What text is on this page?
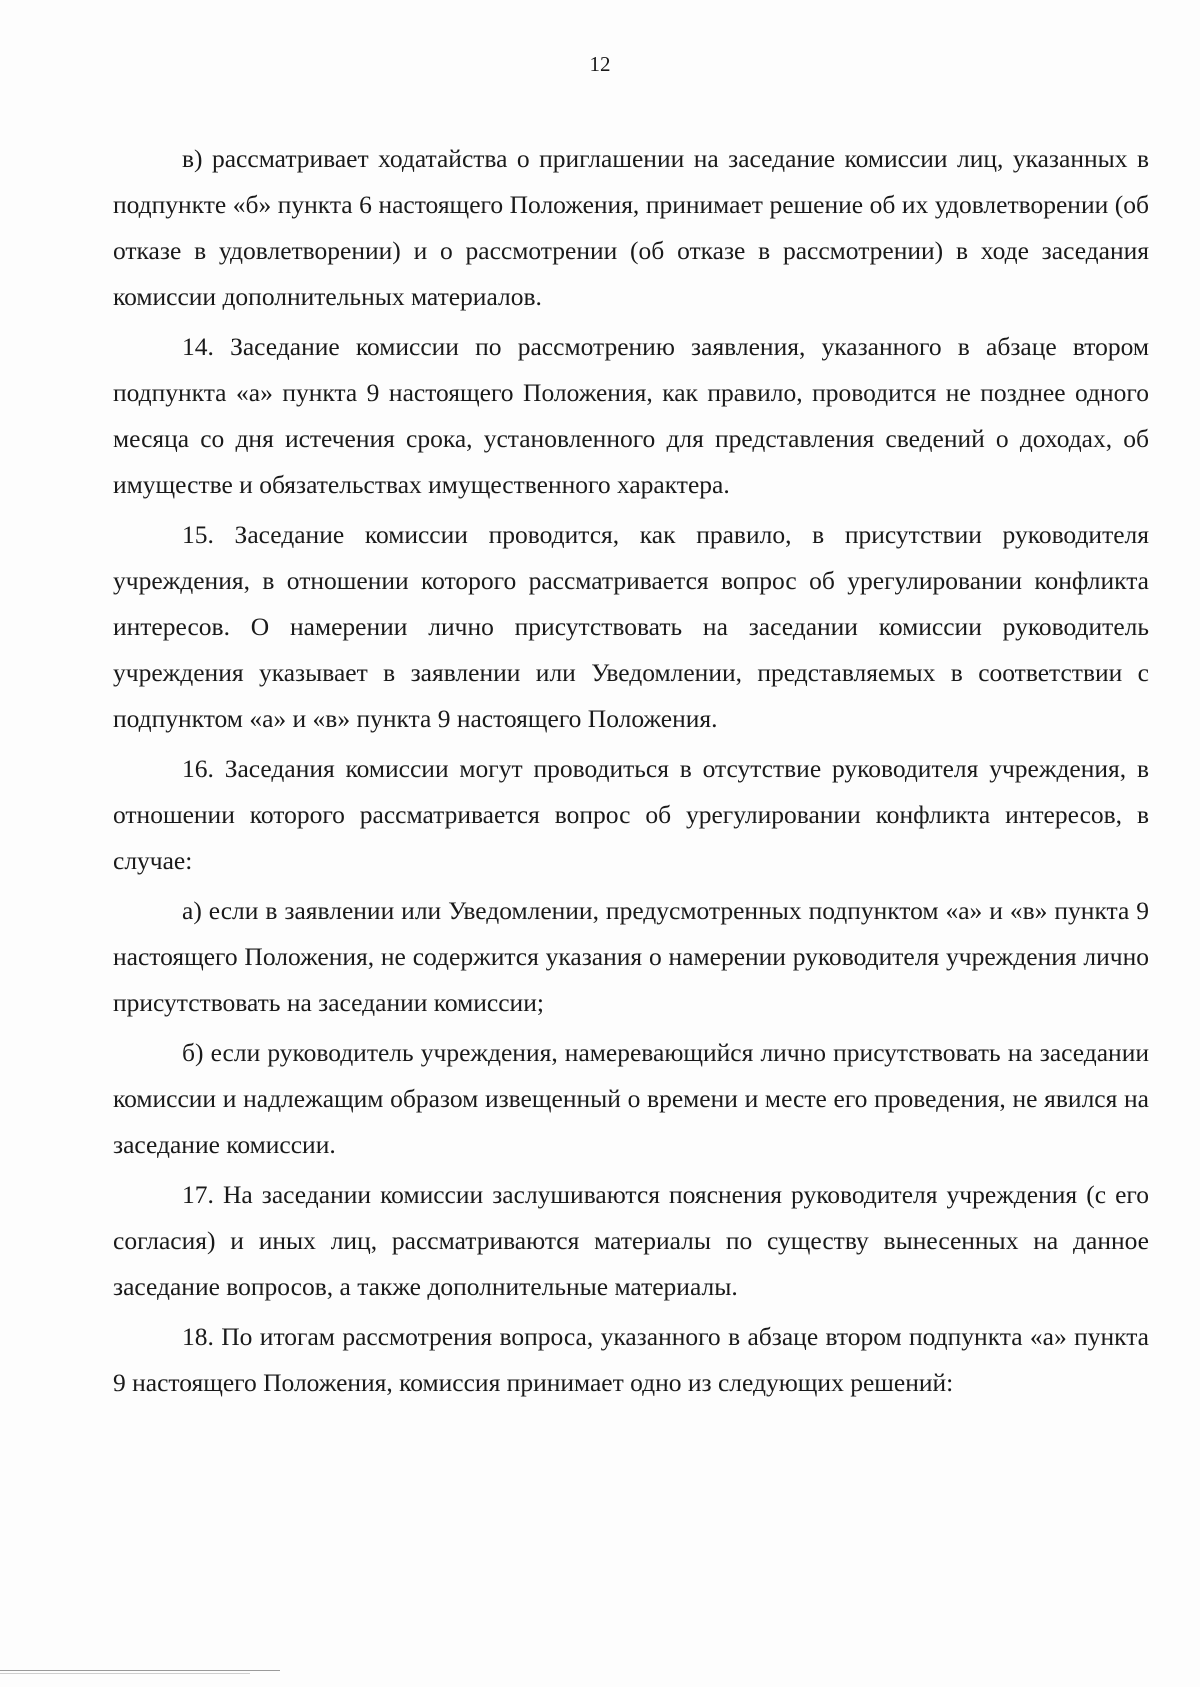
12

в) рассматривает ходатайства о приглашении на заседание комиссии лиц, указанных в подпункте «б» пункта 6 настоящего Положения, принимает решение об их удовлетворении (об отказе в удовлетворении) и о рассмотрении (об отказе в рассмотрении) в ходе заседания комиссии дополнительных материалов.

14. Заседание комиссии по рассмотрению заявления, указанного в абзаце втором подпункта «а» пункта 9 настоящего Положения, как правило, проводится не позднее одного месяца со дня истечения срока, установленного для представления сведений о доходах, об имуществе и обязательствах имущественного характера.

15. Заседание комиссии проводится, как правило, в присутствии руководителя учреждения, в отношении которого рассматривается вопрос об урегулировании конфликта интересов. О намерении лично присутствовать на заседании комиссии руководитель учреждения указывает в заявлении или Уведомлении, представляемых в соответствии с подпунктом «а» и «в» пункта 9 настоящего Положения.

16. Заседания комиссии могут проводиться в отсутствие руководителя учреждения, в отношении которого рассматривается вопрос об урегулировании конфликта интересов, в случае:

а) если в заявлении или Уведомлении, предусмотренных подпунктом «а» и «в» пункта 9 настоящего Положения, не содержится указания о намерении руководителя учреждения лично присутствовать на заседании комиссии;

б) если руководитель учреждения, намеревающийся лично присутствовать на заседании комиссии и надлежащим образом извещенный о времени и месте его проведения, не явился на заседание комиссии.

17. На заседании комиссии заслушиваются пояснения руководителя учреждения (с его согласия) и иных лиц, рассматриваются материалы по существу вынесенных на данное заседание вопросов, а также дополнительные материалы.

18. По итогам рассмотрения вопроса, указанного в абзаце втором подпункта «а» пункта 9 настоящего Положения, комиссия принимает одно из следующих решений:
